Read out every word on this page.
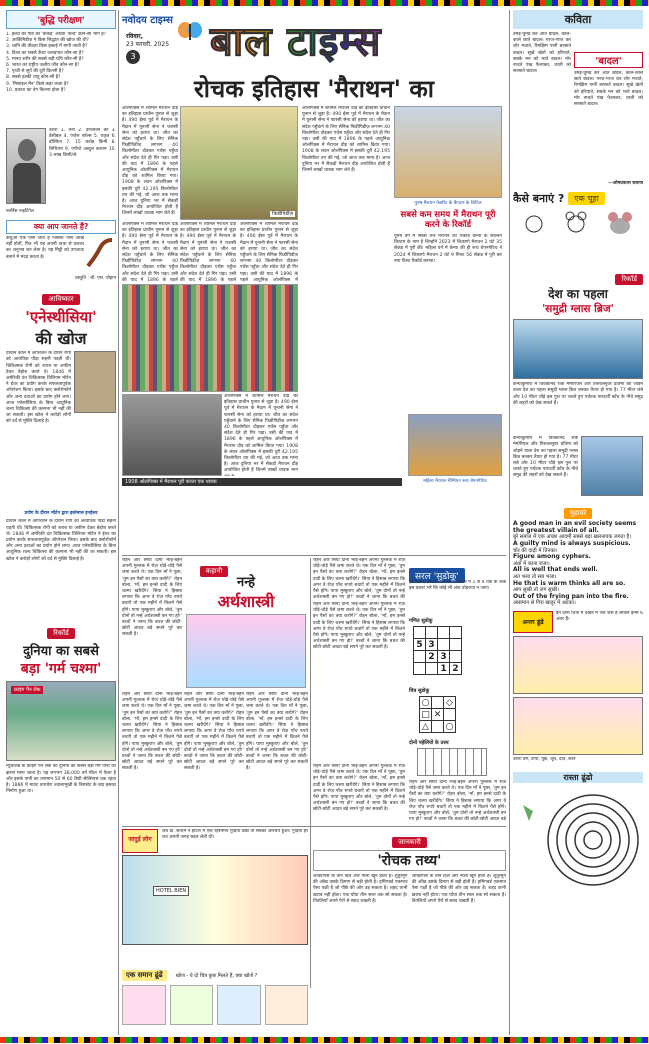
'बुद्धि परीक्षण'
1. हल्दी की गांठ का 'कंकड़' अथवा 'कन्द' कौन-सा भाग है?
2. आर्किमिडीज ने किस सिद्धांत की खोज की थी?
3. ध्वनि की तीव्रता किस इकाई में मापी जाती है?
4. विश्व का सबसे ऊँचा जलप्रपात कौन-सा है?
5. मानव शरीर की सबसे बड़ी ग्रंथि कौन-सी है?
6. भारत का राष्ट्रीय जलीय जीव कौन-सा है?
7. पृथ्वी से सूर्य की दूरी कितनी है?
8. सबसे हल्की धातु कौन-सी है?
9. 'मिसाइल मैन' किसे कहा जाता है?
10. प्रकाश का वेग कितना होता है?
उत्तरः 1. तना 2. उत्प्लावन का 3. डेसीबल 4. एंजेल फॉल्स 5. यकृत 6. डॉल्फिन 7. 15 करोड़ किमी 8. लिथियम 9. एपीजे अब्दुल कलाम 10. 3 लाख किमी/से.
फ्लोरेंस नाइटिंगेल
क्या आप जानते हैं?
केंचुआ एक ऐसा जीव है जिसके पास आँखें नहीं होतीं, फिर भी यह अपनी त्वचा से प्रकाश का अनुभव कर लेता है। यह मिट्टी को उपजाऊ बनाने में मदद करता है।
प्रस्तुति : बी. एस. चौहान
आविष्कार
'एनेस्थीसिया'
की खोज
प्राचीन काल में ऑपरेशन के दौरान रोगी को अत्यधिक पीड़ा सहनी पड़ती थी। चिकित्सक रोगी को शराब या अफीम देकर बेहोश करते थे। 1846 में अमेरिकी दंत चिकित्सक विलियम मॉर्टन ने ईथर का प्रयोग करके सफलतापूर्वक ऑपरेशन किया। इसके बाद क्लोरोफॉर्म और अन्य दवाओं का प्रयोग होने लगा। आज एनेस्थीसिया के बिना आधुनिक शल्य चिकित्सा की कल्पना भी नहीं की जा सकती। इस खोज ने करोड़ों लोगों को दर्द से मुक्ति दिलाई है।
प्रयोग के दौरान मॉर्टन द्वारा इस्तेमाल इनहेलर
प्राचीन काल में ऑपरेशन के दौरान रोगी को अत्यधिक पीड़ा सहनी पड़ती थी। चिकित्सक रोगी को शराब या अफीम देकर बेहोश करते थे। 1846 में अमेरिकी दंत चिकित्सक विलियम मॉर्टन ने ईथर का प्रयोग करके सफलतापूर्वक ऑपरेशन किया। इसके बाद क्लोरोफॉर्म और अन्य दवाओं का प्रयोग होने लगा। आज एनेस्थीसिया के बिना आधुनिक शल्य चिकित्सा की कल्पना भी नहीं की जा सकती। इस खोज ने करोड़ों लोगों को दर्द से मुक्ति दिलाई है।
रिकॉर्ड
दुनिया का सबसे
बड़ा 'गर्म चश्मा'
फ्राइंग पैन लेक
न्यूजीलैंड के फ्राइंग पैन लेक को दुनिया का सबसे बड़ा गर्म पानी का झरना माना जाता है। यह लगभग 38,000 वर्ग मीटर में फैला है और इसके पानी का तापमान 50 से 60 डिग्री सेल्सियस तक रहता है। 1886 में माउंट तारावेरा ज्वालामुखी के विस्फोट के बाद इसका निर्माण हुआ था।
नवोदय टाइम्स
रविवार,
23 फरवरी, 2025
3 बाल टाइम्स
रोचक इतिहास 'मैराथन' का
फिडीपिडीज़
ओलंपिक्स में शामिल मैराथन दौड़ का इतिहास प्राचीन यूनान से जुड़ा है। 490 ईसा पूर्व में मैराथन के मैदान में यूनानी सेना ने फारसी सेना को हराया था। जीत का संदेश पहुँचाने के लिए सैनिक फिडीपिडीज़ लगभग 40 किलोमीटर दौड़कर एथेंस पहुँचा और संदेश देते ही गिर पड़ा। उसी की याद में 1896 के पहले आधुनिक ओलंपिक्स में मैराथन दौड़ को शामिल किया गया। 1908 के लंदन ओलंपिक्स में इसकी दूरी 42.195 किलोमीटर तय की गई, जो आज तक मान्य है। आज दुनिया भर में सैकड़ों मैराथन दौड़ आयोजित होती हैं जिनमें लाखों धावक भाग लेते हैं।
ओलंपिक्स में शामिल मैराथन दौड़ का इतिहास प्राचीन यूनान से जुड़ा है। 490 ईसा पूर्व में मैराथन के मैदान में यूनानी सेना ने फारसी सेना को हराया था। जीत का संदेश पहुँचाने के लिए सैनिक फिडीपिडीज़ लगभग 40 किलोमीटर दौड़कर एथेंस पहुँचा और संदेश देते ही गिर पड़ा। उसी की याद में 1896 के पहले
ओलंपिक्स में शामिल मैराथन दौड़ का इतिहास प्राचीन यूनान से जुड़ा है। 490 ईसा पूर्व में मैराथन के मैदान में यूनानी सेना ने फारसी सेना को हराया था। जीत का संदेश पहुँचाने के लिए सैनिक फिडीपिडीज़ लगभग 40 किलोमीटर दौड़कर एथेंस पहुँचा और संदेश देते ही गिर पड़ा। उसी की याद में 1896 के पहले
ओलंपिक्स में शामिल मैराथन दौड़ का इतिहास प्राचीन यूनान से जुड़ा है। 490 ईसा पूर्व में मैराथन के मैदान में यूनानी सेना ने फारसी सेना को हराया था। जीत का संदेश पहुँचाने के लिए सैनिक फिडीपिडीज़ लगभग 40 किलोमीटर दौड़कर एथेंस पहुँचा और संदेश देते ही गिर पड़ा। उसी की याद में 1896 के पहले आधुनिक ओलंपिक्स में
ओलंपिक्स में शामिल मैराथन दौड़ का इतिहास प्राचीन यूनान से जुड़ा है। 490 ईसा पूर्व में मैराथन के मैदान में यूनानी सेना ने फारसी सेना को हराया था। जीत का संदेश पहुँचाने के लिए सैनिक फिडीपिडीज़ लगभग 40 किलोमीटर दौड़कर एथेंस पहुँचा और संदेश देते ही गिर पड़ा। उसी की याद में 1896 के पहले आधुनिक ओलंपिक्स में मैराथन दौड़ को शामिल किया गया। 1908 के लंदन ओलंपिक्स में इसकी दूरी 42.195 किलोमीटर तय की गई, जो आज तक मान्य है। आज दुनिया भर में सैकड़ों मैराथन दौड़ आयोजित होती हैं जिनमें लाखों धावक भाग
1908 ओलंपिक्स में मैराथन पूरी करता एक धावक
ओलंपिक्स में शामिल मैराथन दौड़ का इतिहास प्राचीन यूनान से जुड़ा है। 490 ईसा पूर्व में मैराथन के मैदान में यूनानी सेना ने फारसी सेना को हराया था। जीत का संदेश पहुँचाने के लिए सैनिक फिडीपिडीज़ लगभग 40 किलोमीटर दौड़कर एथेंस पहुँचा और संदेश देते ही गिर पड़ा। उसी की याद में 1896 के पहले आधुनिक ओलंपिक्स में मैराथन दौड़ को शामिल किया गया। 1908 के लंदन ओलंपिक्स में इसकी दूरी 42.195 किलोमीटर तय की गई, जो आज तक मान्य है। आज दुनिया भर में सैकड़ों मैराथन दौड़ आयोजित होती हैं जिनमें लाखों धावक भाग लेते हैं।
पुरुष मैराथन फेवरिट के कैपटन के लिटिल
सबसे कम समय में मैराथन पूरी करने के रिकॉर्ड
पुरुष वर्ग में सबसे तेज मैराथन का रिकॉर्ड केन्या के केल्विन किप्टम के नाम है जिन्होंने 2023 में शिकागो मैराथन 2 घंटे 35 सेकंड में पूरी की। महिला वर्ग में केन्या की ही रूथ चेपनगेटिच ने 2024 में शिकागो मैराथन 2 घंटे 9 मिनट 56 सेकंड में पूरी कर नया विश्व रिकॉर्ड बनाया।
महिला मैराथन चैम्पियन रूथ चेपनगेटिच
रोहन और सिया दोनों भाई-बहन अपनी गुल्लक में रोज़ थोड़े-थोड़े पैसे जमा करते थे। एक दिन माँ ने पूछा, 'तुम इन पैसों का क्या करोगे?' रोहन बोला, 'माँ, हम इनसे दादी के लिए चश्मा खरीदेंगे।' सिया ने हिसाब लगाया कि अगर वे रोज़ पाँच रुपये बचाएँ तो एक महीने में कितने पैसे होंगे। पापा मुस्कुराए और बोले, 'तुम दोनों तो नन्हे अर्थशास्त्री बन गए हो!' बच्चों ने जाना कि बचत की छोटी-छोटी आदत बड़े सपने पूरे कर सकती है।
कहानी
नन्हे
अर्थशास्त्री
रोहन और सिया दोनों भाई-बहन अपनी गुल्लक में रोज़ थोड़े-थोड़े पैसे जमा करते थे। एक दिन माँ ने पूछा, 'तुम इन पैसों का क्या करोगे?' रोहन बोला, 'माँ, हम इनसे दादी के लिए चश्मा खरीदेंगे।' सिया ने हिसाब लगाया कि अगर वे रोज़ पाँच रुपये बचाएँ तो एक महीने में कितने पैसे होंगे। पापा मुस्कुराए और बोले, 'तुम दोनों तो नन्हे अर्थशास्त्री बन गए हो!' बच्चों ने जाना कि बचत की छोटी-छोटी आदत बड़े सपने पूरे कर सकती है।
रोहन और सिया दोनों भाई-बहन अपनी गुल्लक में रोज़ थोड़े-थोड़े पैसे जमा करते थे। एक दिन माँ ने पूछा, 'तुम इन पैसों का क्या करोगे?' रोहन बोला, 'माँ, हम इनसे दादी के लिए चश्मा खरीदेंगे।' सिया ने हिसाब लगाया कि अगर वे रोज़ पाँच रुपये बचाएँ तो एक महीने में कितने पैसे होंगे। पापा मुस्कुराए और बोले, 'तुम दोनों तो नन्हे अर्थशास्त्री बन गए हो!' बच्चों ने जाना कि बचत की छोटी-छोटी आदत बड़े सपने पूरे कर सकती है।
रोहन और सिया दोनों भाई-बहन अपनी गुल्लक में रोज़ थोड़े-थोड़े पैसे जमा करते थे। एक दिन माँ ने पूछा, 'तुम इन पैसों का क्या करोगे?' रोहन बोला, 'माँ, हम इनसे दादी के लिए चश्मा खरीदेंगे।' सिया ने हिसाब लगाया कि अगर वे रोज़ पाँच रुपये बचाएँ तो एक महीने में कितने पैसे होंगे। पापा मुस्कुराए और बोले, 'तुम दोनों तो नन्हे अर्थशास्त्री बन गए हो!' बच्चों ने जाना कि बचत की छोटी-छोटी आदत बड़े सपने पूरे कर सकती है।
रोहन और सिया दोनों भाई-बहन अपनी गुल्लक में रोज़ थोड़े-थोड़े पैसे जमा करते थे। एक दिन माँ ने पूछा, 'तुम इन पैसों का क्या करोगे?' रोहन बोला, 'माँ, हम इनसे दादी के लिए चश्मा खरीदेंगे।' सिया ने हिसाब लगाया कि अगर वे रोज़ पाँच रुपये बचाएँ तो एक महीने में कितने पैसे होंगे। पापा मुस्कुराए और बोले, 'तुम दोनों तो नन्हे अर्थशास्त्री बन गए हो!' बच्चों ने जाना कि बचत की
सरल 'सुडोकू'
हर पंक्ति, कॉलम और 2x2 बॉक्स में 1 से 4 तक के अंक इस प्रकार भरें कि कोई भी अंक दोहराया न जाए।
गणित सुडोकू

5	3		
	2	3	
		1	2
रोहन और सिया दोनों भाई-बहन अपनी गुल्लक में रोज़ थोड़े-थोड़े पैसे जमा करते थे। एक दिन माँ ने पूछा, 'तुम इन पैसों का क्या करोगे?' रोहन बोला, 'माँ, हम इनसे दादी के लिए चश्मा खरीदेंगे।' सिया ने हिसाब लगाया कि अगर वे रोज़ पाँच रुपये बचाएँ तो एक महीने में कितने पैसे होंगे। पापा मुस्कुराए और बोले, 'तुम दोनों तो नन्हे अर्थशास्त्री बन गए हो!' बच्चों ने जाना कि बचत की छोटी-छोटी आदत बड़े सपने पूरे कर सकती है।
चित्र सुडोकू
○		◇
□	✕	
△		○
दोनों पहेलियों के उत्तर
रोहन और सिया दोनों भाई-बहन अपनी गुल्लक में रोज़ थोड़े-थोड़े पैसे जमा करते थे। एक दिन माँ ने पूछा, 'तुम इन पैसों का क्या करोगे?' रोहन बोला, 'माँ, हम इनसे दादी के लिए चश्मा खरीदेंगे।' सिया ने हिसाब लगाया कि अगर वे रोज़ पाँच रुपये बचाएँ तो एक महीने में कितने पैसे होंगे। पापा मुस्कुराए और बोले, 'तुम दोनों तो नन्हे अर्थशास्त्री बन गए हो!' बच्चों ने जाना कि बचत की छोटी-छोटी आदत बड़े सपने पूरे कर सकती है।
रोहन और सिया दोनों भाई-बहन अपनी गुल्लक में रोज़ थोड़े-थोड़े पैसे जमा करते थे। एक दिन माँ ने पूछा, 'तुम इन पैसों का क्या करोगे?' रोहन बोला, 'माँ, हम इनसे दादी के लिए चश्मा खरीदेंगे।' सिया ने हिसाब लगाया कि अगर वे रोज़ पाँच रुपये बचाएँ तो एक महीने में कितने पैसे होंगे। पापा मुस्कुराए और बोले, 'तुम दोनों तो नन्हे अर्थशास्त्री बन गए हो!' बच्चों ने जाना कि बचत की छोटी-छोटी आदत बड़े
जादुई लोग
जब डॉ. सत्यम ने होटल में एक रहस्यमय गुड़िया देखी तो सबको आश्चर्य हुआ। गुड़िया हर रात अपनी जगह बदल लेती थी।
HOTEL BIEN
एक समान ढूंढें	खोज - ये दो चित्र कुछ मिलते हैं, क्या खोजें ?
जानकारी
'रोचक तथ्य'
ऑक्टोपस के तीन दिल और नीला खून होता है। शुतुरमुर्ग की आँख उसके दिमाग से बड़ी होती है। हमिंगबर्ड एकमात्र ऐसा पक्षी है जो पीछे की ओर उड़ सकता है। शहद कभी खराब नहीं होता। एक घोंघा तीन साल तक सो सकता है। तितलियाँ अपने पैरों से स्वाद चखती हैं।
ऑक्टोपस के तीन दिल और नीला खून होता है। शुतुरमुर्ग की आँख उसके दिमाग से बड़ी होती है। हमिंगबर्ड एकमात्र ऐसा पक्षी है जो पीछे की ओर उड़ सकता है। शहद कभी खराब नहीं होता। एक घोंघा तीन साल तक सो सकता है। तितलियाँ अपने पैरों से स्वाद चखती हैं।
कविता
उमड़-घुमड़ कर आते बादल, काले-काले छाते बादल। गरज-गरज कर शोर मचाते, रिमझिम पानी बरसाते बादल। सूखे खेतों को हरियाते, सबके मन को भाते बादल। मोर नाचते पंख फैलाकर, धरती को सरसाते बादल।
'बादल'
उमड़-घुमड़ कर आते बादल, काले-काले छाते बादल। गरज-गरज कर शोर मचाते, रिमझिम पानी बरसाते बादल। सूखे खेतों को हरियाते, सबके मन को भाते बादल। मोर नाचते पंख फैलाकर, धरती को सरसाते बादल।
—ओमप्रकाश बजाज
कैसे बनाएं ?	एक चूहा
रिकॉर्ड
देश का पहला
'समुद्री ग्लास ब्रिज'
कन्याकुमारी में विवेकानंद रॉक मेमोरियल और तिरुवल्लुवर प्रतिमा को जोड़ने वाला देश का पहला समुद्री ग्लास ब्रिज बनकर तैयार हो गया है। 77 मीटर लंबे और 10 मीटर चौड़े इस पुल पर चलते हुए पर्यटक पारदर्शी काँच के नीचे समुद्र की लहरों को देख सकते हैं।
कन्याकुमारी में विवेकानंद रॉक मेमोरियल और तिरुवल्लुवर प्रतिमा को जोड़ने वाला देश का पहला समुद्री ग्लास ब्रिज बनकर तैयार हो गया है। 77 मीटर लंबे और 10 मीटर चौड़े इस पुल पर चलते हुए पर्यटक पारदर्शी काँच के नीचे समुद्र की लहरों को देख सकते हैं।
मुहावरे
A good man in an evil society seems the greatest villain of all.
बुरे समाज में एक अच्छा आदमी सबसे बड़ा खलनायक लगता है।
A guilty mind is always suspicious.
चोर की दाढ़ी में तिनका।
Figure among cyphers.
अंधों में काना राजा।
All is well that ends well.
अंत भला तो सब भला।
He that is warm thinks all are so.
आप सुखी तो जग सुखी।
Out of the frying pan into the fire.
आसमान से गिरा खजूर में अटका।
अन्तर ढूंढें
इन दोनों चित्रों में देखने में एक जैसे हैं लेकिन इनमें 6 अंतर हैं।
उत्तरः बैग, टोपी, पूँछ, जूते, दाँत, कान
रास्ता ढूंढो
